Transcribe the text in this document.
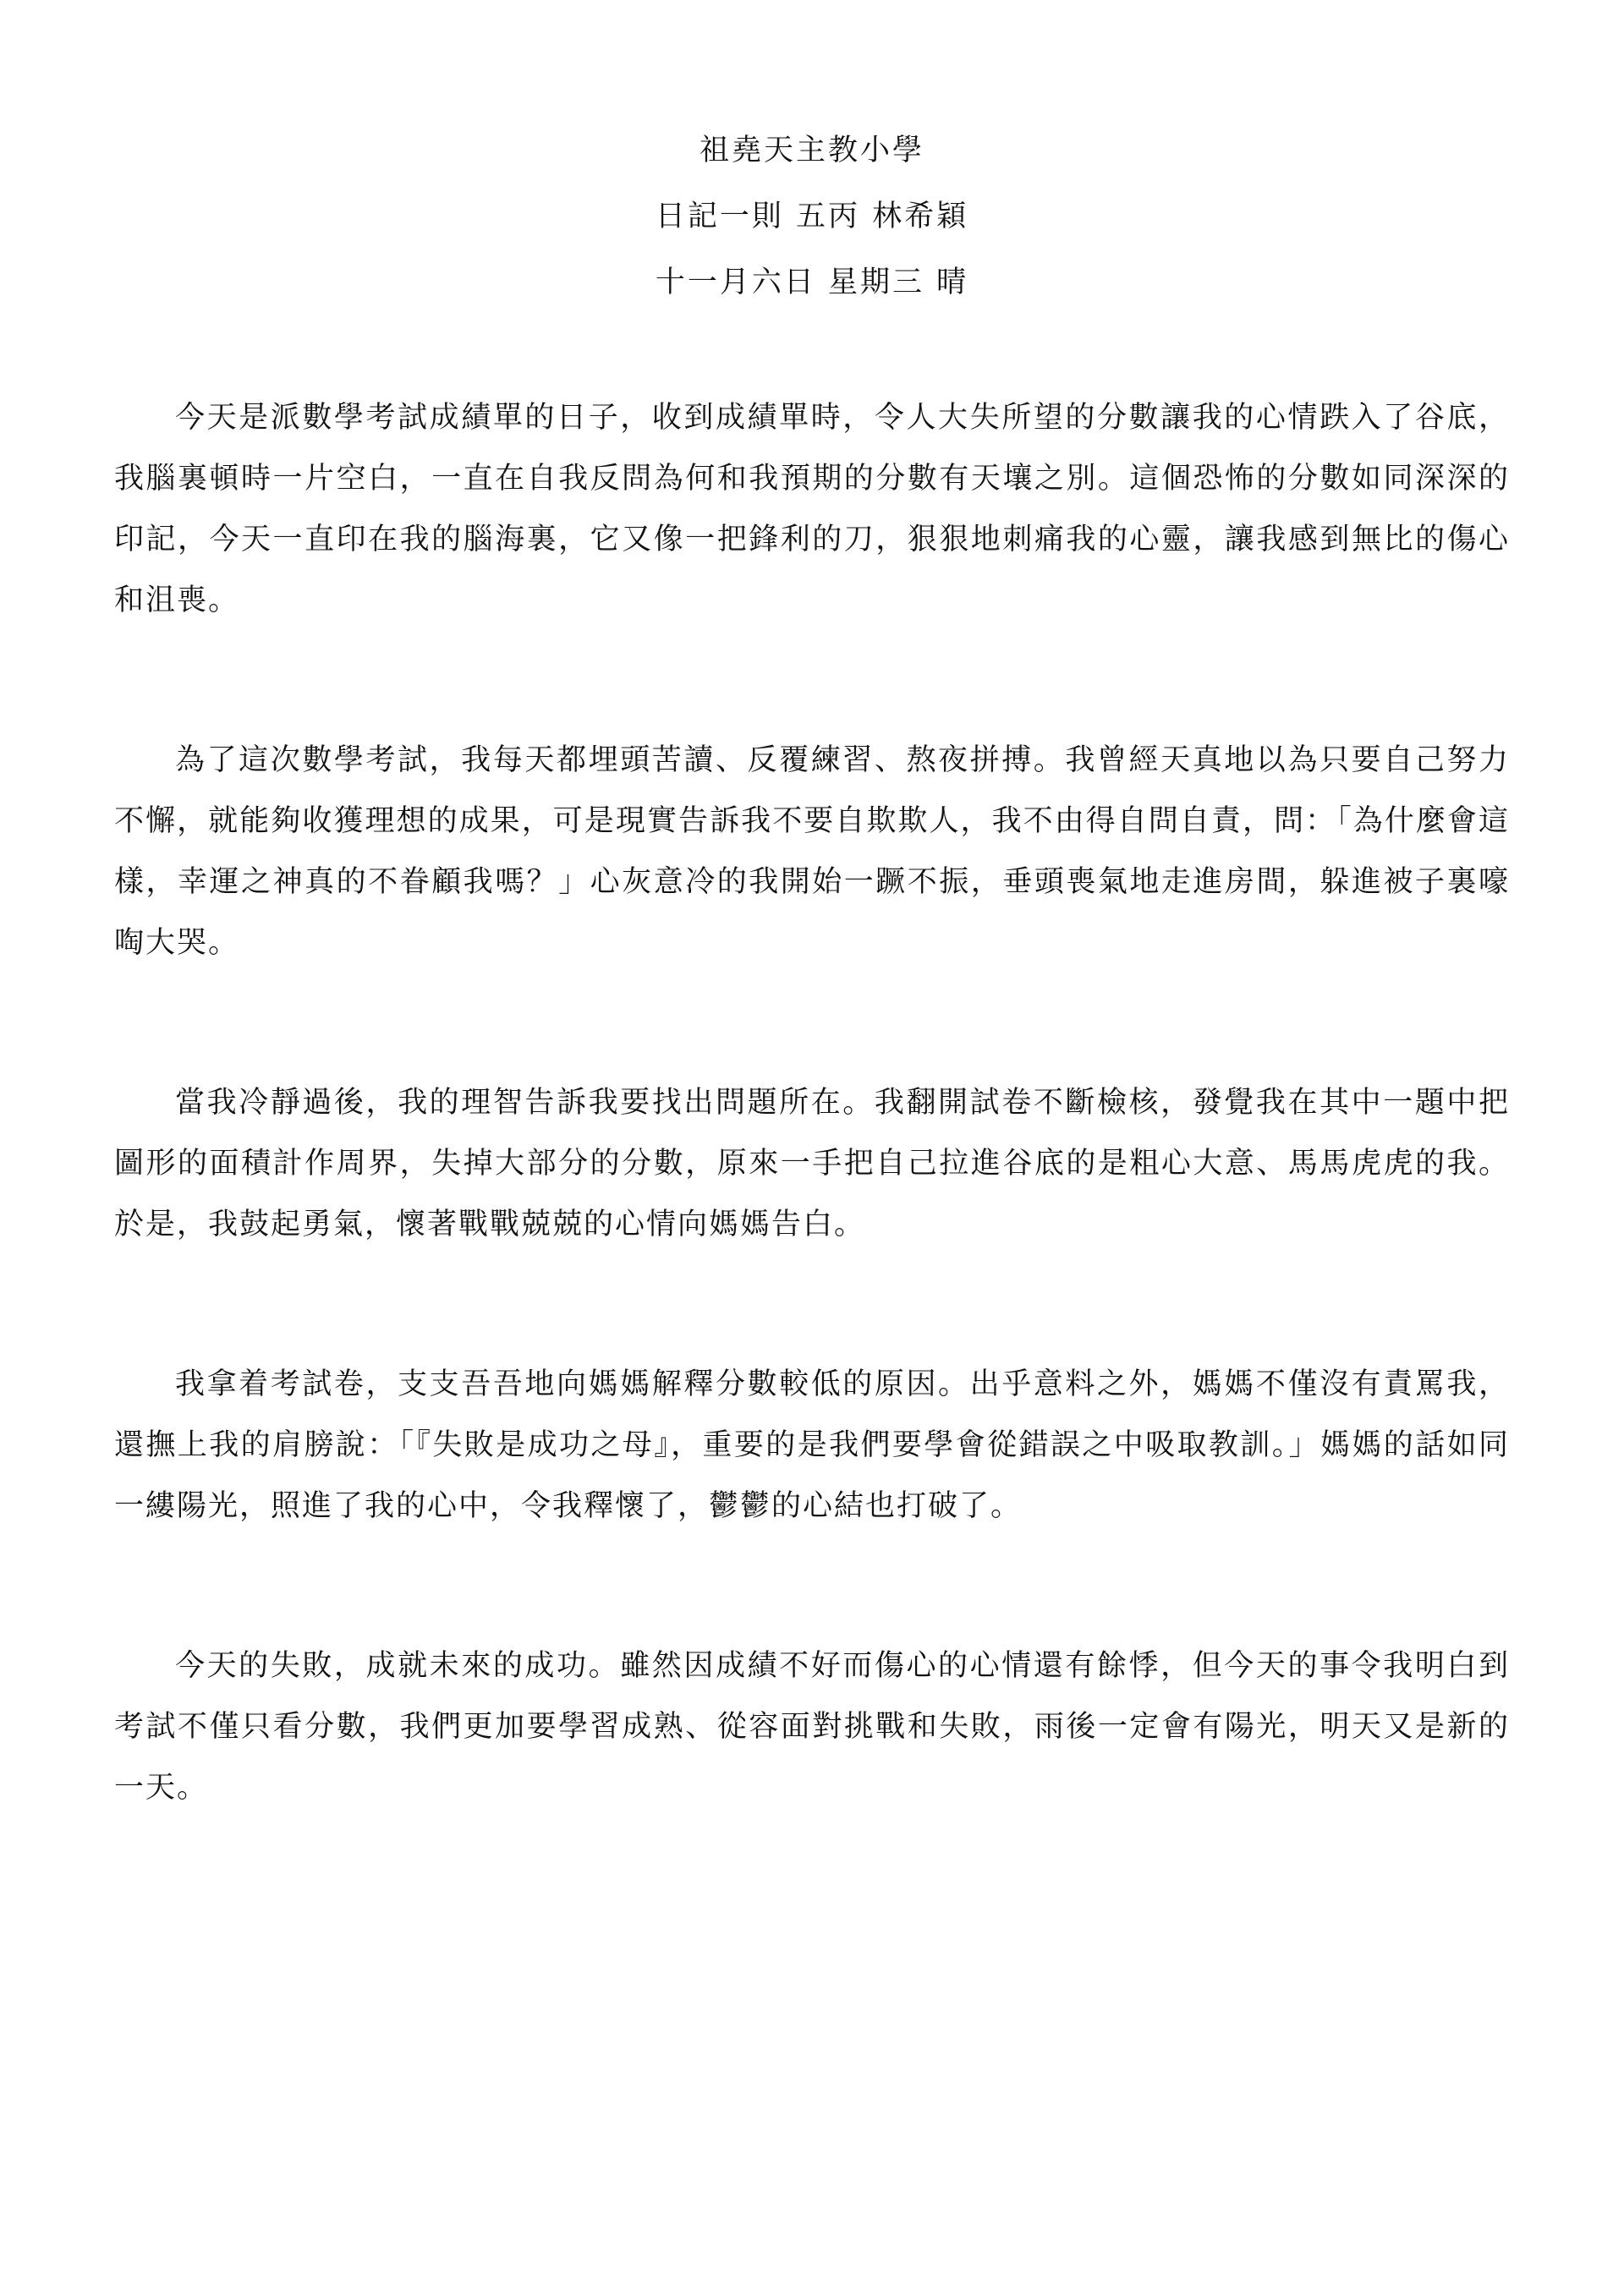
祖堯天主教小學
日記一則 五丙 林希穎
十一月六日 星期三 晴

今天是派數學考試成績單的日子，收到成績單時，令人大失所望的分數讓我的心情跌入了谷底，我腦裏頓時一片空白，一直在自我反問為何和我預期的分數有天壤之別。這個恐怖的分數如同深深的印記，今天一直印在我的腦海裏，它又像一把鋒利的刀，狠狠地刺痛我的心靈，讓我感到無比的傷心和沮喪。

為了這次數學考試，我每天都埋頭苦讀、反覆練習、熬夜拼搏。我曾經天真地以為只要自己努力不懈，就能夠收獲理想的成果，可是現實告訴我不要自欺欺人，我不由得自問自責，問：「為什麼會這樣，幸運之神真的不眷顧我嗎？」心灰意冷的我開始一蹶不振，垂頭喪氣地走進房間，躲進被子裏嚎啕大哭。

當我冷靜過後，我的理智告訴我要找出問題所在。我翻開試卷不斷檢核，發覺我在其中一題中把圖形的面積計作周界，失掉大部分的分數，原來一手把自己拉進谷底的是粗心大意、馬馬虎虎的我。於是，我鼓起勇氣，懷著戰戰兢兢的心情向媽媽告白。

我拿着考試卷，支支吾吾地向媽媽解釋分數較低的原因。出乎意料之外，媽媽不僅沒有責罵我，還撫上我的肩膀說：「『失敗是成功之母』，重要的是我們要學會從錯誤之中吸取教訓。」媽媽的話如同一縷陽光，照進了我的心中，令我釋懷了，鬱鬱的心結也打破了。

今天的失敗，成就未來的成功。雖然因成績不好而傷心的心情還有餘悸，但今天的事令我明白到考試不僅只看分數，我們更加要學習成熟、從容面對挑戰和失敗，雨後一定會有陽光，明天又是新的一天。
